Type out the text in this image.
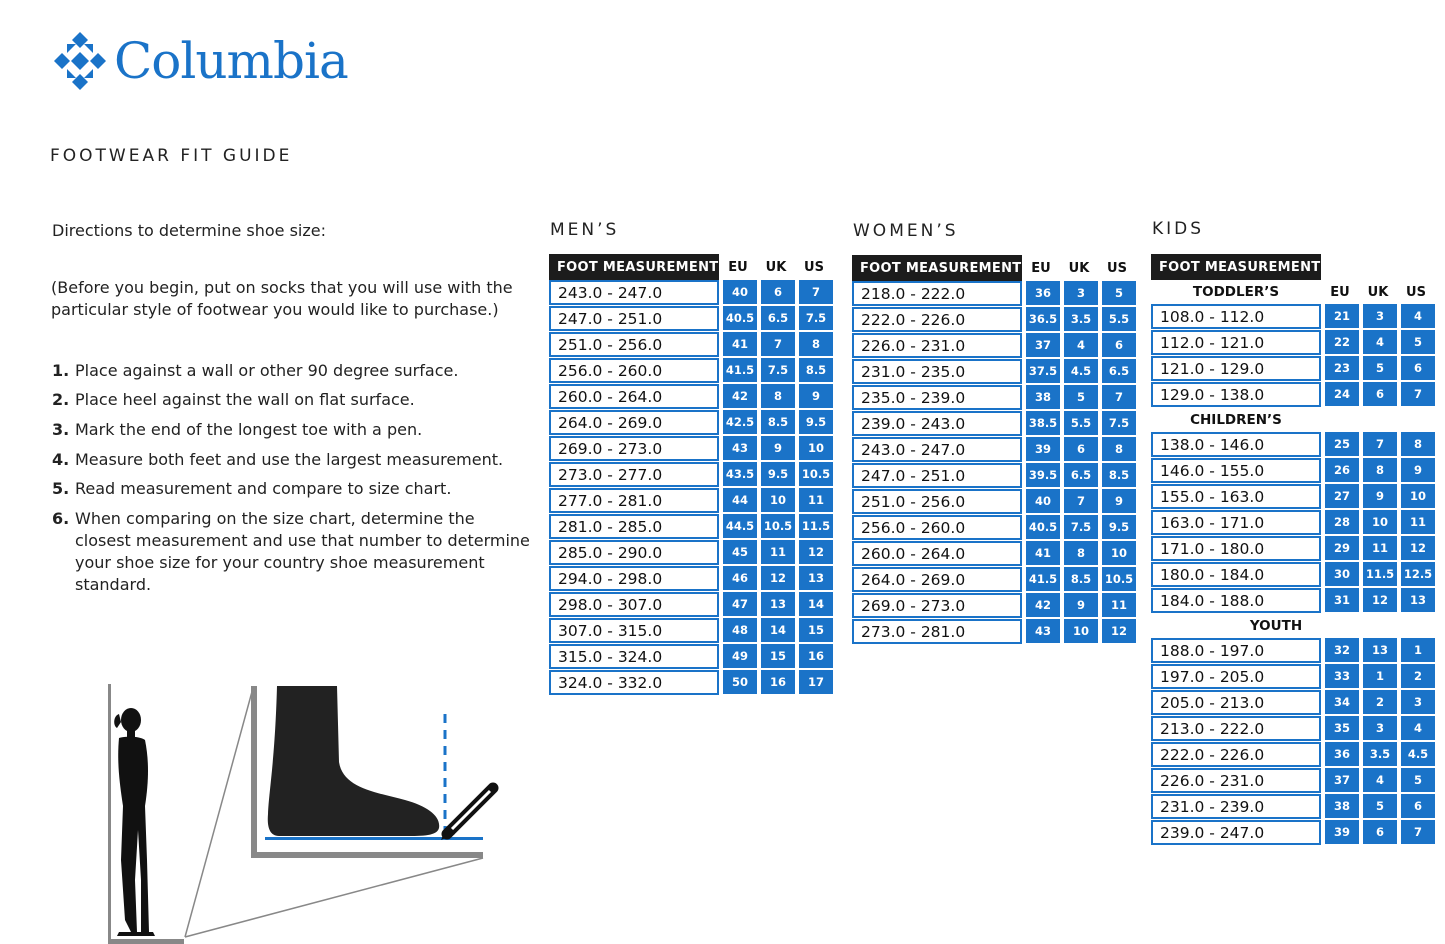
Columbia
FOOTWEAR FIT GUIDE
Directions to determine shoe size:
(Before you begin, put on socks that you will use with the particular style of footwear you would like to purchase.)
1. Place against a wall or other 90 degree surface.
2. Place heel against the wall on flat surface.
3. Mark the end of the longest toe with a pen.
4. Measure both feet and use the largest measurement.
5. Read measurement and compare to size chart.
6. When comparing on the size chart, determine the closest measurement and use that number to determine your shoe size for your country shoe measurement standard.
MEN’S	WOMEN’S	KIDS
FOOT MEASUREMENT EU	UK	US
243.0 - 247.0	40	6	7
247.0 - 251.0	40.5	6.5	7.5
251.0 - 256.0	41	7	8
256.0 - 260.0	41.5	7.5	8.5
260.0 - 264.0	42	8	9
264.0 - 269.0	42.5	8.5	9.5
269.0 - 273.0	43	9	10
273.0 - 277.0	43.5	9.5	10.5
277.0 - 281.0	44	10	11
281.0 - 285.0	44.5 10.5 11.5
285.0 - 290.0	45	11	12
294.0 - 298.0	46	12	13
298.0 - 307.0	47	13	14
307.0 - 315.0	48	14	15
315.0 - 324.0	49	15	16
324.0 - 332.0	50	16	17
FOOT MEASUREMENT EU	UK	US
218.0 - 222.0	36	3	5
222.0 - 226.0	36.5	3.5	5.5
226.0 - 231.0	37	4	6
231.0 - 235.0	37.5	4.5	6.5
235.0 - 239.0	38	5	7
239.0 - 243.0	38.5	5.5	7.5
243.0 - 247.0	39	6	8
247.0 - 251.0	39.5	6.5	8.5
251.0 - 256.0	40	7	9
256.0 - 260.0	40.5	7.5	9.5
260.0 - 264.0	41	8	10
264.0 - 269.0	41.5	8.5	10.5
269.0 - 273.0	42	9	11
273.0 - 281.0	43	10	12
FOOT MEASUREMENT
TODDLER’S	EU	UK	US
108.0 - 112.0	21	3	4
112.0 - 121.0	22	4	5
121.0 - 129.0	23	5	6
129.0 - 138.0	24	6	7
CHILDREN’S
138.0 - 146.0	25	7	8
146.0 - 155.0	26	8	9
155.0 - 163.0	27	9	10
163.0 - 171.0	28	10	11
171.0 - 180.0	29	11	12
180.0 - 184.0	30	11.5 12.5
184.0 - 188.0	31	12	13
YOUTH
188.0 - 197.0	32	13	1
197.0 - 205.0	33	1	2
205.0 - 213.0	34	2	3
213.0 - 222.0	35	3	4
222.0 - 226.0	36	3.5	4.5
226.0 - 231.0	37	4	5
231.0 - 239.0	38	5	6
239.0 - 247.0	39	6	7
